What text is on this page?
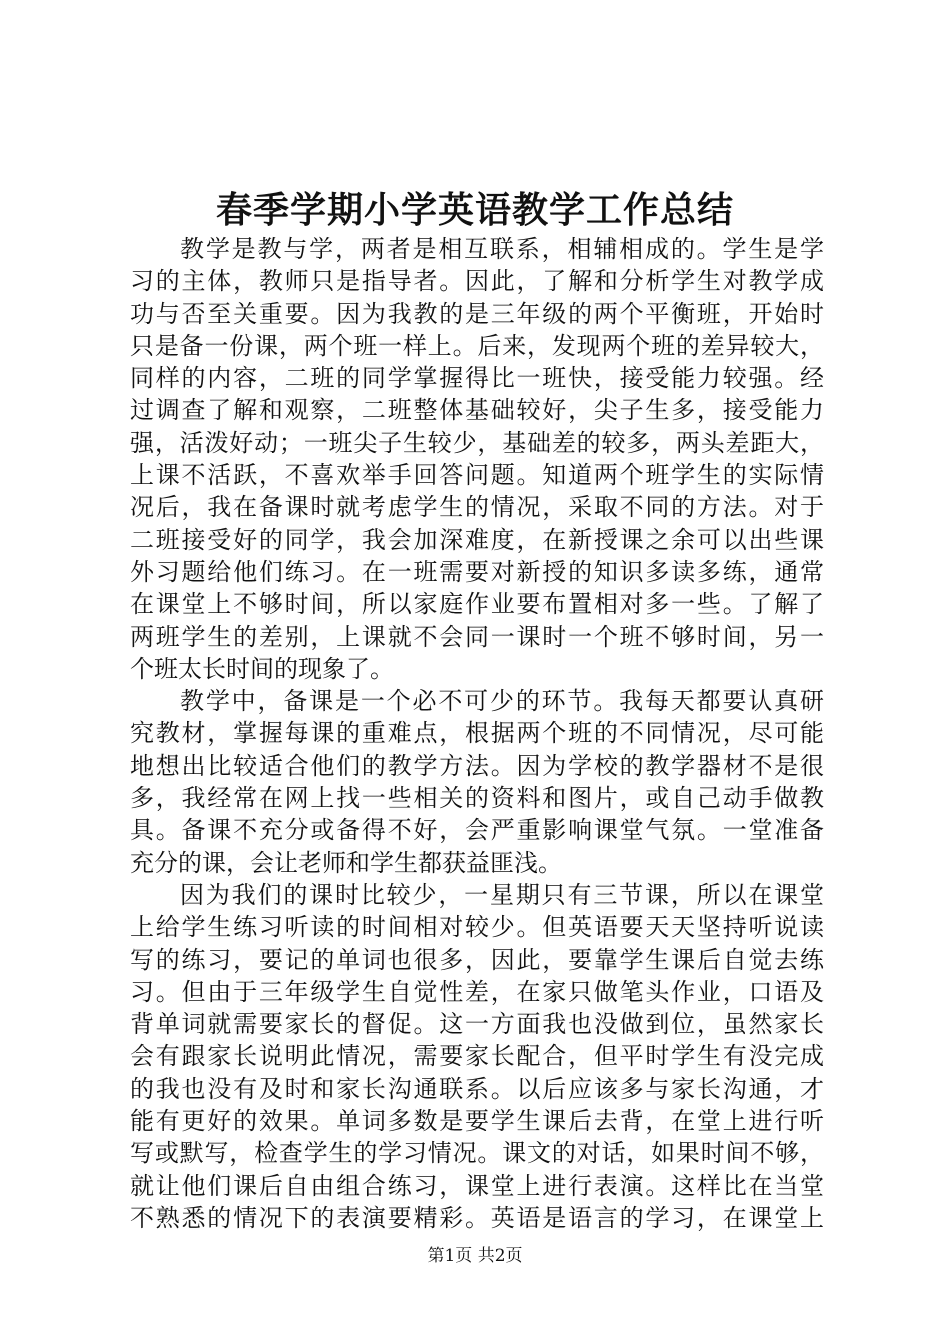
春季学期小学英语教学工作总结
教学是教与学，两者是相互联系，相辅相成的。学生是学
习的主体，教师只是指导者。因此，了解和分析学生对教学成
功与否至关重要。因为我教的是三年级的两个平衡班，开始时
只是备一份课，两个班一样上。后来，发现两个班的差异较大，
同样的内容，二班的同学掌握得比一班快，接受能力较强。经
过调查了解和观察，二班整体基础较好，尖子生多，接受能力
强，活泼好动；一班尖子生较少，基础差的较多，两头差距大，
上课不活跃，不喜欢举手回答问题。知道两个班学生的实际情
况后，我在备课时就考虑学生的情况，采取不同的方法。对于
二班接受好的同学，我会加深难度，在新授课之余可以出些课
外习题给他们练习。在一班需要对新授的知识多读多练，通常
在课堂上不够时间，所以家庭作业要布置相对多一些。了解了
两班学生的差别，上课就不会同一课时一个班不够时间，另一
个班太长时间的现象了。
教学中，备课是一个必不可少的环节。我每天都要认真研
究教材，掌握每课的重难点，根据两个班的不同情况，尽可能
地想出比较适合他们的教学方法。因为学校的教学器材不是很
多，我经常在网上找一些相关的资料和图片，或自己动手做教
具。备课不充分或备得不好，会严重影响课堂气氛。一堂准备
充分的课，会让老师和学生都获益匪浅。
因为我们的课时比较少，一星期只有三节课，所以在课堂
上给学生练习听读的时间相对较少。但英语要天天坚持听说读
写的练习，要记的单词也很多，因此，要靠学生课后自觉去练
习。但由于三年级学生自觉性差，在家只做笔头作业，口语及
背单词就需要家长的督促。这一方面我也没做到位，虽然家长
会有跟家长说明此情况，需要家长配合，但平时学生有没完成
的我也没有及时和家长沟通联系。以后应该多与家长沟通，才
能有更好的效果。单词多数是要学生课后去背，在堂上进行听
写或默写，检查学生的学习情况。课文的对话，如果时间不够，
就让他们课后自由组合练习，课堂上进行表演。这样比在当堂
不熟悉的情况下的表演要精彩。英语是语言的学习，在课堂上
第1页 共2页
